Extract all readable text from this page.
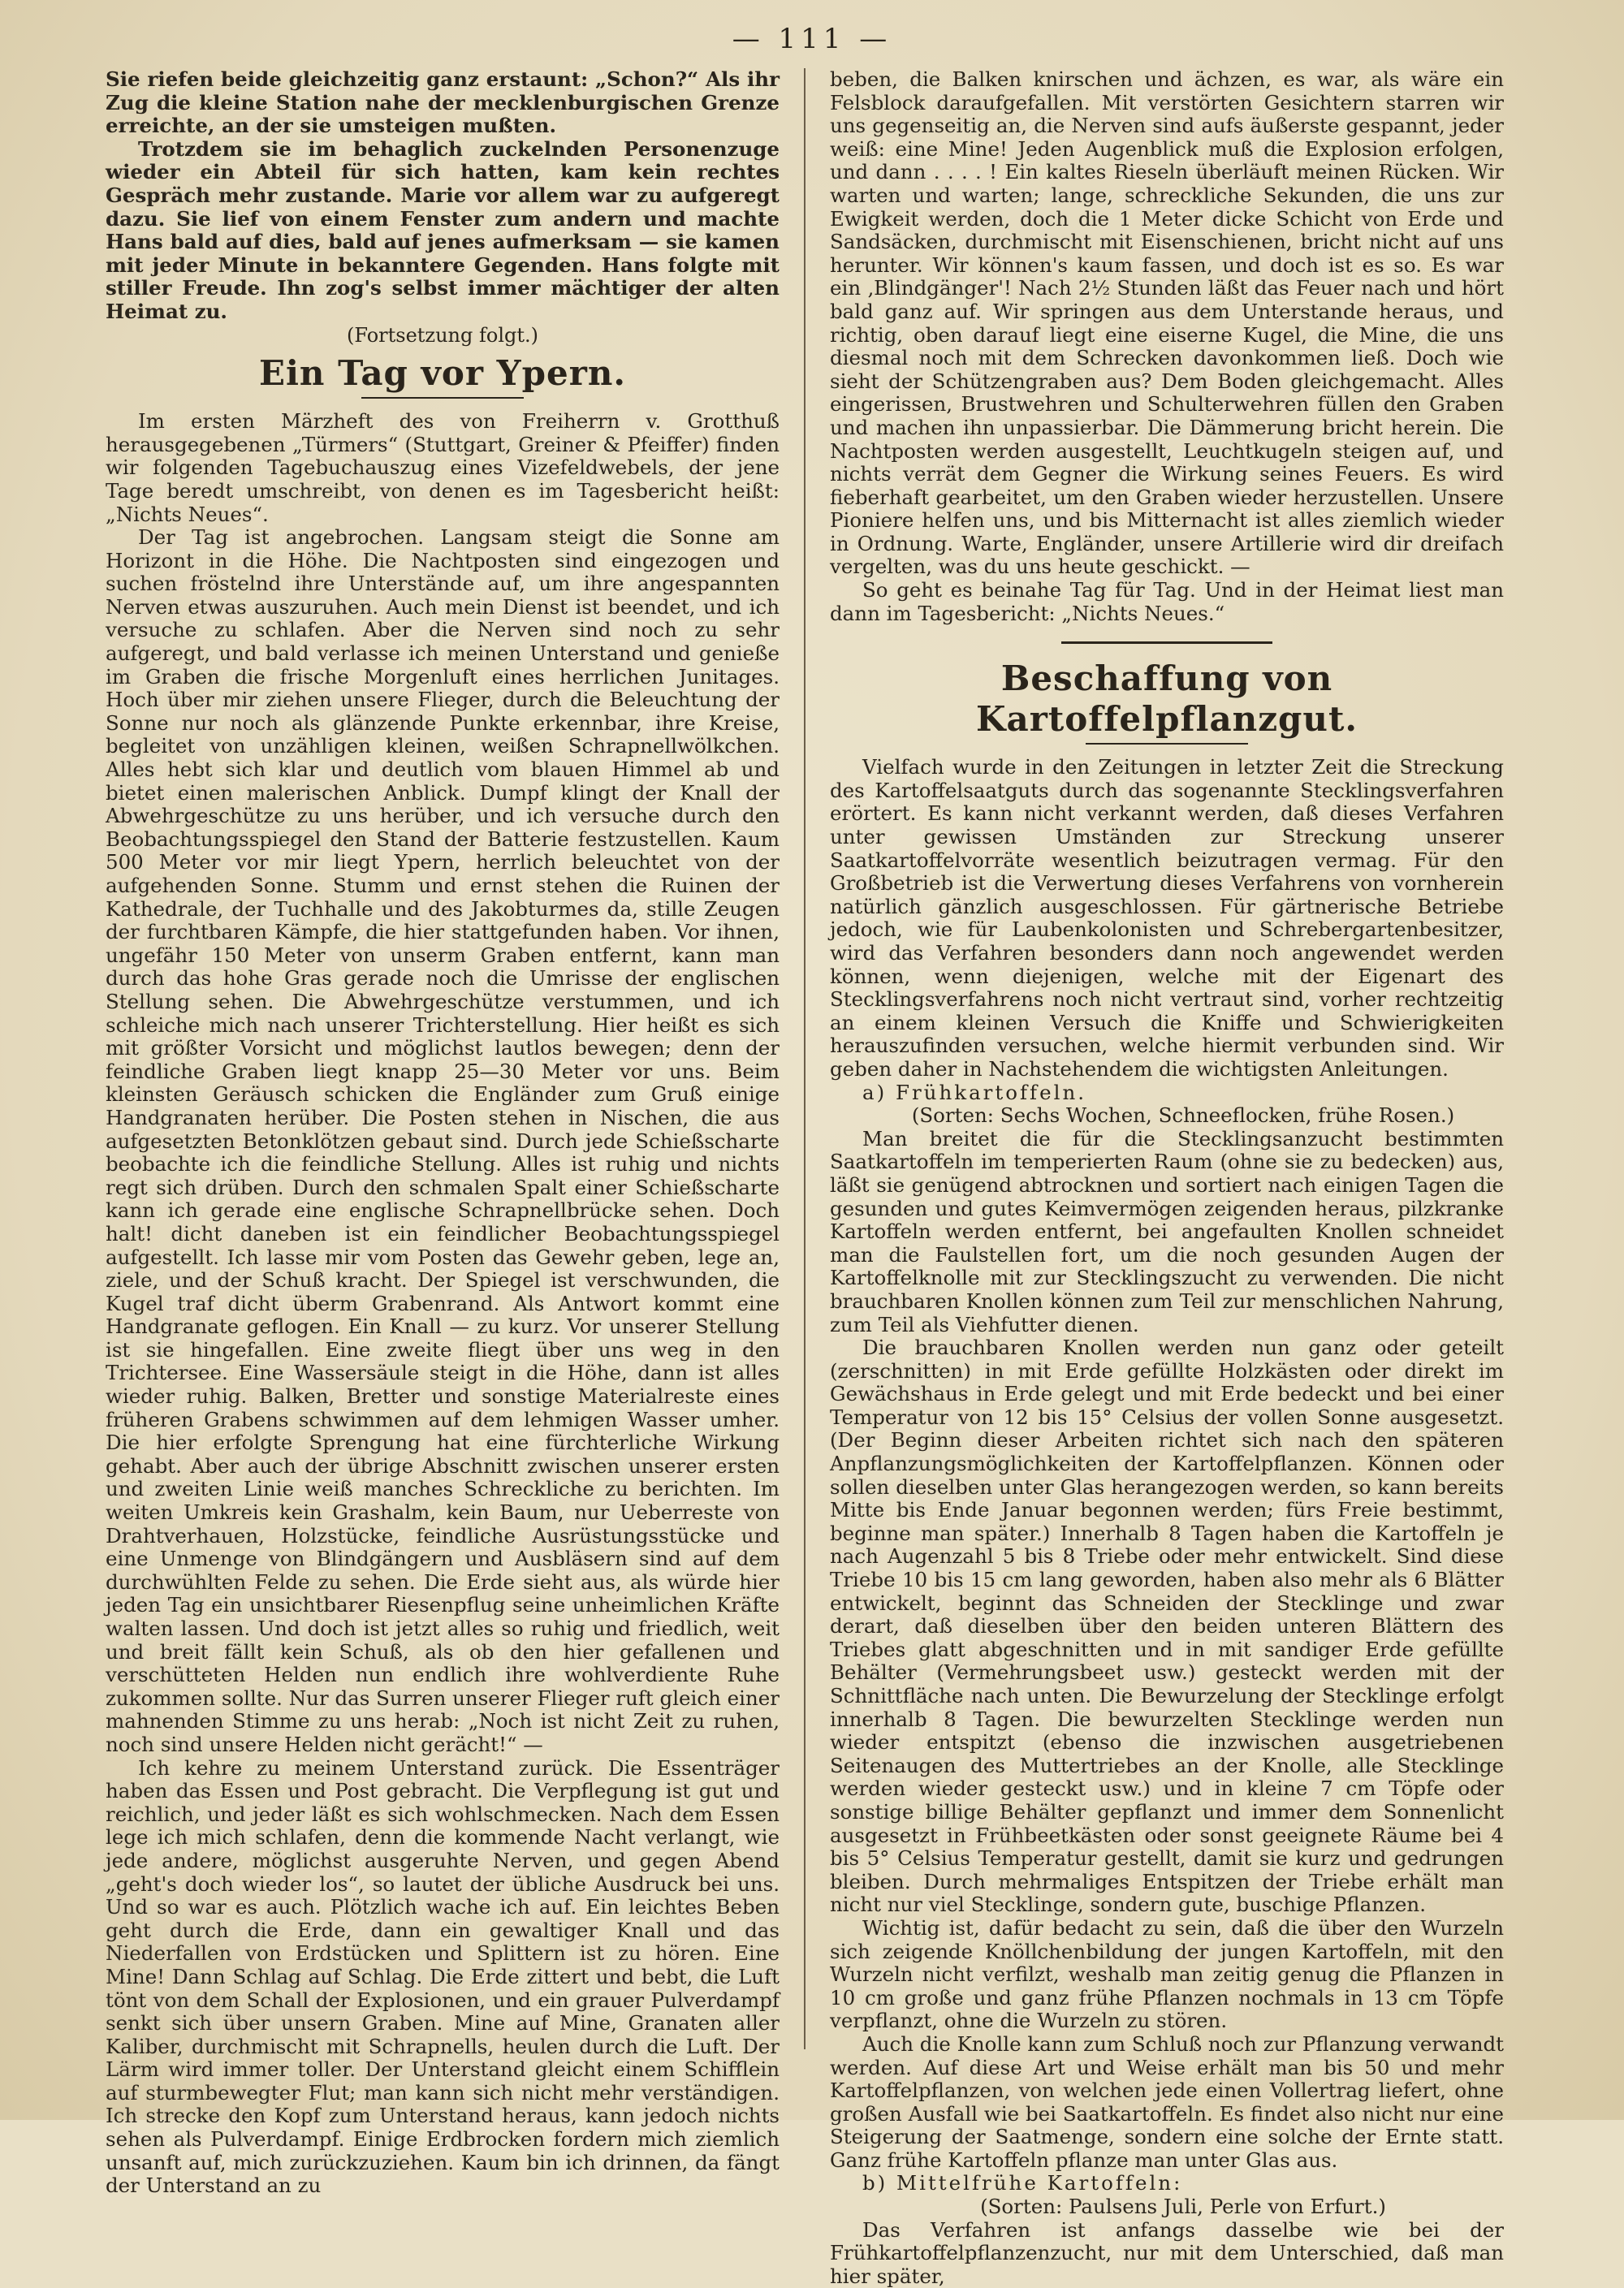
— 111 —

Sie riefen beide gleichzeitig ganz erstaunt: „Schon?“ Als ihr Zug die kleine Station nahe der mecklenburgischen Grenze erreichte, an der sie umsteigen mußten.

Trotzdem sie im behaglich zuckelnden Personenzuge wieder ein Abteil für sich hatten, kam kein rechtes Gespräch mehr zustande. Marie vor allem war zu aufgeregt dazu. Sie lief von einem Fenster zum andern und machte Hans bald auf dies, bald auf jenes aufmerksam — sie kamen mit jeder Minute in bekanntere Gegenden. Hans folgte mit stiller Freude. Ihn zog's selbst immer mächtiger der alten Heimat zu.

(Fortsetzung folgt.)

Ein Tag vor Ypern.

Im ersten Märzheft des von Freiherrn v. Grotthuß herausgegebenen „Türmers“ (Stuttgart, Greiner & Pfeiffer) finden wir folgenden Tagebuchauszug eines Vizefeldwebels, der jene Tage beredt umschreibt, von denen es im Tagesbericht heißt: „Nichts Neues“.

Der Tag ist angebrochen. Langsam steigt die Sonne am Horizont in die Höhe. Die Nachtposten sind eingezogen und suchen fröstelnd ihre Unterstände auf, um ihre angespannten Nerven etwas auszuruhen. Auch mein Dienst ist beendet, und ich versuche zu schlafen. Aber die Nerven sind noch zu sehr aufgeregt, und bald verlasse ich meinen Unterstand und genieße im Graben die frische Morgenluft eines herrlichen Junitages. Hoch über mir ziehen unsere Flieger, durch die Beleuchtung der Sonne nur noch als glänzende Punkte erkennbar, ihre Kreise, begleitet von unzähligen kleinen, weißen Schrapnellwölkchen. Alles hebt sich klar und deutlich vom blauen Himmel ab und bietet einen malerischen Anblick. Dumpf klingt der Knall der Abwehrgeschütze zu uns herüber, und ich versuche durch den Beobachtungsspiegel den Stand der Batterie festzustellen. Kaum 500 Meter vor mir liegt Ypern, herrlich beleuchtet von der aufgehenden Sonne. Stumm und ernst stehen die Ruinen der Kathedrale, der Tuchhalle und des Jakobturmes da, stille Zeugen der furchtbaren Kämpfe, die hier stattgefunden haben. Vor ihnen, ungefähr 150 Meter von unserm Graben entfernt, kann man durch das hohe Gras gerade noch die Umrisse der englischen Stellung sehen. Die Abwehrgeschütze verstummen, und ich schleiche mich nach unserer Trichterstellung. Hier heißt es sich mit größter Vorsicht und möglichst lautlos bewegen; denn der feindliche Graben liegt knapp 25—30 Meter vor uns. Beim kleinsten Geräusch schicken die Engländer zum Gruß einige Handgranaten herüber. Die Posten stehen in Nischen, die aus aufgesetzten Betonklötzen gebaut sind. Durch jede Schießscharte beobachte ich die feindliche Stellung. Alles ist ruhig und nichts regt sich drüben. Durch den schmalen Spalt einer Schießscharte kann ich gerade eine englische Schrapnellbrücke sehen. Doch halt! dicht daneben ist ein feindlicher Beobachtungsspiegel aufgestellt. Ich lasse mir vom Posten das Gewehr geben, lege an, ziele, und der Schuß kracht. Der Spiegel ist verschwunden, die Kugel traf dicht überm Grabenrand. Als Antwort kommt eine Handgranate geflogen. Ein Knall — zu kurz. Vor unserer Stellung ist sie hingefallen. Eine zweite fliegt über uns weg in den Trichtersee. Eine Wassersäule steigt in die Höhe, dann ist alles wieder ruhig. Balken, Bretter und sonstige Materialreste eines früheren Grabens schwimmen auf dem lehmigen Wasser umher. Die hier erfolgte Sprengung hat eine fürchterliche Wirkung gehabt. Aber auch der übrige Abschnitt zwischen unserer ersten und zweiten Linie weiß manches Schreckliche zu berichten. Im weiten Umkreis kein Grashalm, kein Baum, nur Ueberreste von Drahtverhauen, Holzstücke, feindliche Ausrüstungsstücke und eine Unmenge von Blindgängern und Ausbläsern sind auf dem durchwühlten Felde zu sehen. Die Erde sieht aus, als würde hier jeden Tag ein unsichtbarer Riesenpflug seine unheimlichen Kräfte walten lassen. Und doch ist jetzt alles so ruhig und friedlich, weit und breit fällt kein Schuß, als ob den hier gefallenen und verschütteten Helden nun endlich ihre wohlverdiente Ruhe zukommen sollte. Nur das Surren unserer Flieger ruft gleich einer mahnenden Stimme zu uns herab: „Noch ist nicht Zeit zu ruhen, noch sind unsere Helden nicht gerächt!“ —

Ich kehre zu meinem Unterstand zurück. Die Essenträger haben das Essen und Post gebracht. Die Verpflegung ist gut und reichlich, und jeder läßt es sich wohlschmecken. Nach dem Essen lege ich mich schlafen, denn die kommende Nacht verlangt, wie jede andere, möglichst ausgeruhte Nerven, und gegen Abend „geht's doch wieder los“, so lautet der übliche Ausdruck bei uns. Und so war es auch. Plötzlich wache ich auf. Ein leichtes Beben geht durch die Erde, dann ein gewaltiger Knall und das Niederfallen von Erdstücken und Splittern ist zu hören. Eine Mine! Dann Schlag auf Schlag. Die Erde zittert und bebt, die Luft tönt von dem Schall der Explosionen, und ein grauer Pulverdampf senkt sich über unsern Graben. Mine auf Mine, Granaten aller Kaliber, durchmischt mit Schrapnells, heulen durch die Luft. Der Lärm wird immer toller. Der Unterstand gleicht einem Schifflein auf sturmbewegter Flut; man kann sich nicht mehr verständigen. Ich strecke den Kopf zum Unterstand heraus, kann jedoch nichts sehen als Pulverdampf. Einige Erdbrocken fordern mich ziemlich unsanft auf, mich zurückzuziehen. Kaum bin ich drinnen, da fängt der Unterstand an zu

beben, die Balken knirschen und ächzen, es war, als wäre ein Felsblock daraufgefallen. Mit verstörten Gesichtern starren wir uns gegenseitig an, die Nerven sind aufs äußerste gespannt, jeder weiß: eine Mine! Jeden Augenblick muß die Explosion erfolgen, und dann . . . . ! Ein kaltes Rieseln überläuft meinen Rücken. Wir warten und warten; lange, schreckliche Sekunden, die uns zur Ewigkeit werden, doch die 1 Meter dicke Schicht von Erde und Sandsäcken, durchmischt mit Eisenschienen, bricht nicht auf uns herunter. Wir können's kaum fassen, und doch ist es so. Es war ein ‚Blindgänger'! Nach 2½ Stunden läßt das Feuer nach und hört bald ganz auf. Wir springen aus dem Unterstande heraus, und richtig, oben darauf liegt eine eiserne Kugel, die Mine, die uns diesmal noch mit dem Schrecken davonkommen ließ. Doch wie sieht der Schützengraben aus? Dem Boden gleichgemacht. Alles eingerissen, Brustwehren und Schulterwehren füllen den Graben und machen ihn unpassierbar. Die Dämmerung bricht herein. Die Nachtposten werden ausgestellt, Leuchtkugeln steigen auf, und nichts verrät dem Gegner die Wirkung seines Feuers. Es wird fieberhaft gearbeitet, um den Graben wieder herzustellen. Unsere Pioniere helfen uns, und bis Mitternacht ist alles ziemlich wieder in Ordnung. Warte, Engländer, unsere Artillerie wird dir dreifach vergelten, was du uns heute geschickt. —

So geht es beinahe Tag für Tag. Und in der Heimat liest man dann im Tagesbericht: „Nichts Neues.“

Beschaffung von Kartoffelpflanzgut.

Vielfach wurde in den Zeitungen in letzter Zeit die Streckung des Kartoffelsaatguts durch das sogenannte Stecklingsverfahren erörtert. Es kann nicht verkannt werden, daß dieses Verfahren unter gewissen Umständen zur Streckung unserer Saatkartoffelvorräte wesentlich beizutragen vermag. Für den Großbetrieb ist die Verwertung dieses Verfahrens von vornherein natürlich gänzlich ausgeschlossen. Für gärtnerische Betriebe jedoch, wie für Laubenkolonisten und Schrebergartenbesitzer, wird das Verfahren besonders dann noch angewendet werden können, wenn diejenigen, welche mit der Eigenart des Stecklingsverfahrens noch nicht vertraut sind, vorher rechtzeitig an einem kleinen Versuch die Kniffe und Schwierigkeiten herauszufinden versuchen, welche hiermit verbunden sind. Wir geben daher in Nachstehendem die wichtigsten Anleitungen.

a) Frühkartoffeln.

(Sorten: Sechs Wochen, Schneeflocken, frühe Rosen.)

Man breitet die für die Stecklingsanzucht bestimmten Saatkartoffeln im temperierten Raum (ohne sie zu bedecken) aus, läßt sie genügend abtrocknen und sortiert nach einigen Tagen die gesunden und gutes Keimvermögen zeigenden heraus, pilzkranke Kartoffeln werden entfernt, bei angefaulten Knollen schneidet man die Faulstellen fort, um die noch gesunden Augen der Kartoffelknolle mit zur Stecklingszucht zu verwenden. Die nicht brauchbaren Knollen können zum Teil zur menschlichen Nahrung, zum Teil als Viehfutter dienen.

Die brauchbaren Knollen werden nun ganz oder geteilt (zerschnitten) in mit Erde gefüllte Holzkästen oder direkt im Gewächshaus in Erde gelegt und mit Erde bedeckt und bei einer Temperatur von 12 bis 15° Celsius der vollen Sonne ausgesetzt. (Der Beginn dieser Arbeiten richtet sich nach den späteren Anpflanzungsmöglichkeiten der Kartoffelpflanzen. Können oder sollen dieselben unter Glas herangezogen werden, so kann bereits Mitte bis Ende Januar begonnen werden; fürs Freie bestimmt, beginne man später.) Innerhalb 8 Tagen haben die Kartoffeln je nach Augenzahl 5 bis 8 Triebe oder mehr entwickelt. Sind diese Triebe 10 bis 15 cm lang geworden, haben also mehr als 6 Blätter entwickelt, beginnt das Schneiden der Stecklinge und zwar derart, daß dieselben über den beiden unteren Blättern des Triebes glatt abgeschnitten und in mit sandiger Erde gefüllte Behälter (Vermehrungsbeet usw.) gesteckt werden mit der Schnittfläche nach unten. Die Bewurzelung der Stecklinge erfolgt innerhalb 8 Tagen. Die bewurzelten Stecklinge werden nun wieder entspitzt (ebenso die inzwischen ausgetriebenen Seitenaugen des Muttertriebes an der Knolle, alle Stecklinge werden wieder gesteckt usw.) und in kleine 7 cm Töpfe oder sonstige billige Behälter gepflanzt und immer dem Sonnenlicht ausgesetzt in Frühbeetkästen oder sonst geeignete Räume bei 4 bis 5° Celsius Temperatur gestellt, damit sie kurz und gedrungen bleiben. Durch mehrmaliges Entspitzen der Triebe erhält man nicht nur viel Stecklinge, sondern gute, buschige Pflanzen.

Wichtig ist, dafür bedacht zu sein, daß die über den Wurzeln sich zeigende Knöllchenbildung der jungen Kartoffeln, mit den Wurzeln nicht verfilzt, weshalb man zeitig genug die Pflanzen in 10 cm große und ganz frühe Pflanzen nochmals in 13 cm Töpfe verpflanzt, ohne die Wurzeln zu stören.

Auch die Knolle kann zum Schluß noch zur Pflanzung verwandt werden. Auf diese Art und Weise erhält man bis 50 und mehr Kartoffelpflanzen, von welchen jede einen Vollertrag liefert, ohne großen Ausfall wie bei Saatkartoffeln. Es findet also nicht nur eine Steigerung der Saatmenge, sondern eine solche der Ernte statt. Ganz frühe Kartoffeln pflanze man unter Glas aus.

b) Mittelfrühe Kartoffeln:

(Sorten: Paulsens Juli, Perle von Erfurt.)

Das Verfahren ist anfangs dasselbe wie bei der Frühkartoffelpflanzenzucht, nur mit dem Unterschied, daß man hier später,
